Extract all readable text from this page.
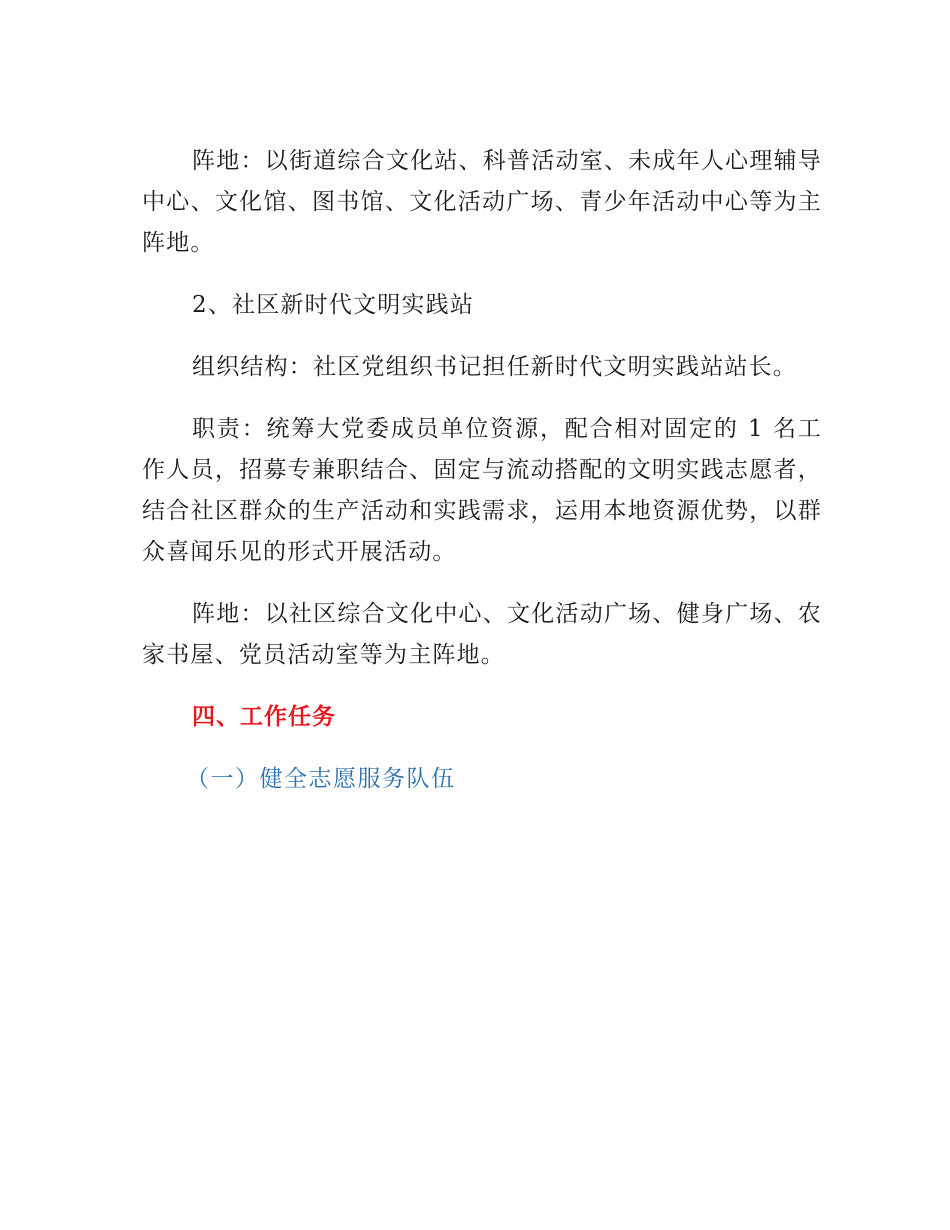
阵地：以街道综合文化站、科普活动室、未成年人心理辅导中心、文化馆、图书馆、文化活动广场、青少年活动中心等为主阵地。

2、社区新时代文明实践站

组织结构：社区党组织书记担任新时代文明实践站站长。

职责：统筹大党委成员单位资源，配合相对固定的 1 名工作人员，招募专兼职结合、固定与流动搭配的文明实践志愿者，结合社区群众的生产活动和实践需求，运用本地资源优势，以群众喜闻乐见的形式开展活动。

阵地：以社区综合文化中心、文化活动广场、健身广场、农家书屋、党员活动室等为主阵地。

四、工作任务

（一）健全志愿服务队伍
